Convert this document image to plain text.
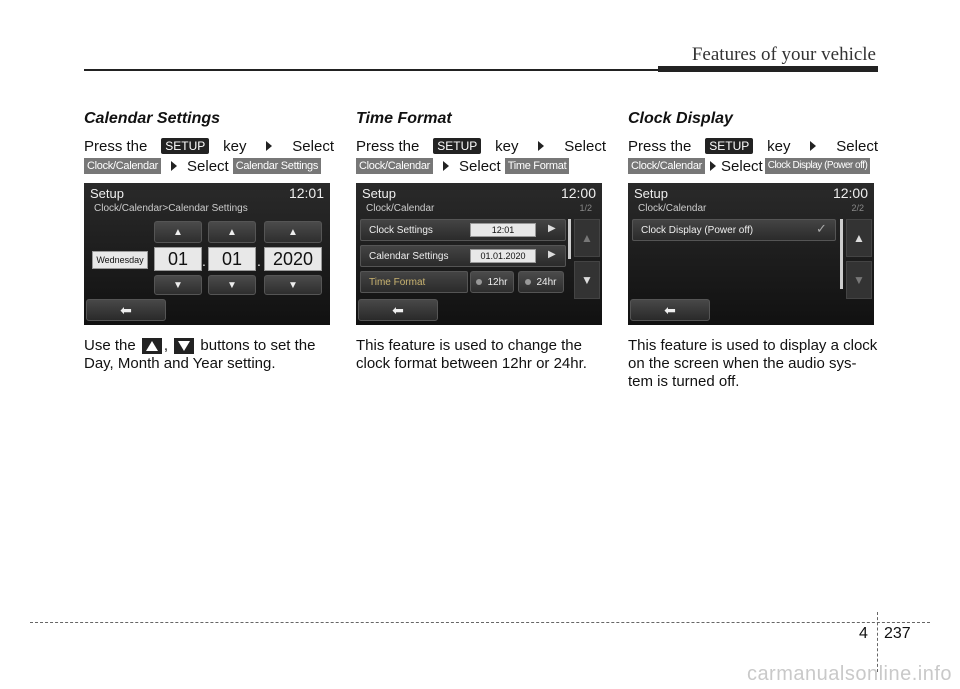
Features of your vehicle
Calendar Settings
Press the	SETUP key	Select
Clock/Calendar Select Calendar Settings
Setup	12:01
Clock/Calendar>Calendar Settings
▲	▲	▲
Wednesday	01 . 01	. 2020
▼	▼	▼
⬅
Use the , buttons to set the Day, Month and Year setting.
Time Format
Press the	SETUP key	Select
Clock/Calendar Select Time Format
Setup	12:00
Clock/Calendar	1/2
Clock Settings	12:01	▶
Calendar Settings	01.01.2020	▶
Time Format	12hr	24hr
▲
▼
⬅
This feature is used to change the clock format between 12hr or 24hr.
Clock Display
Press the	SETUP key	Select
Clock/Calendar Select Clock Display (Power off)
Setup	12:00
Clock/Calendar	2/2
Clock Display (Power off)	✓
▲
▼
⬅
This feature is used to display a clock on the screen when the audio sys-tem is turned off.
4 237
carmanualsonline.info
